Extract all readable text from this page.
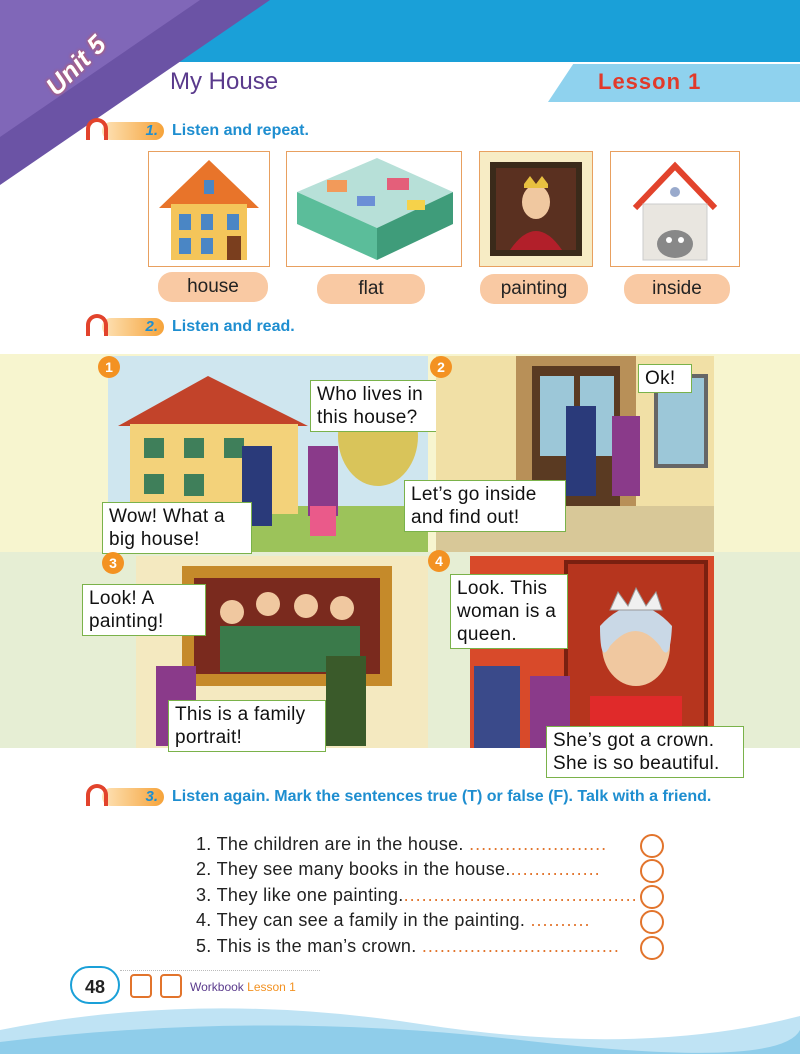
Lesson 1
My House
Unit 5
1. Listen and repeat.
house	flat	painting	inside
2. Listen and read.
1
Who lives in this house?
Wow! What a big house!
2
Ok!
Let’s go inside and find out!
3
Look! A painting!
This is a family portrait!
4
Look. This woman is a queen.
She’s got a crown. She is so beautiful.
3. Listen again. Mark the sentences true (T) or false (F). Talk with a friend.
1. The children are in the house. .......................
2. They see many books in the house................
3. They like one painting........................................
4. They can see a family in the painting. ..........
5. This is the man’s crown. .................................
48	Workbook Lesson 1
